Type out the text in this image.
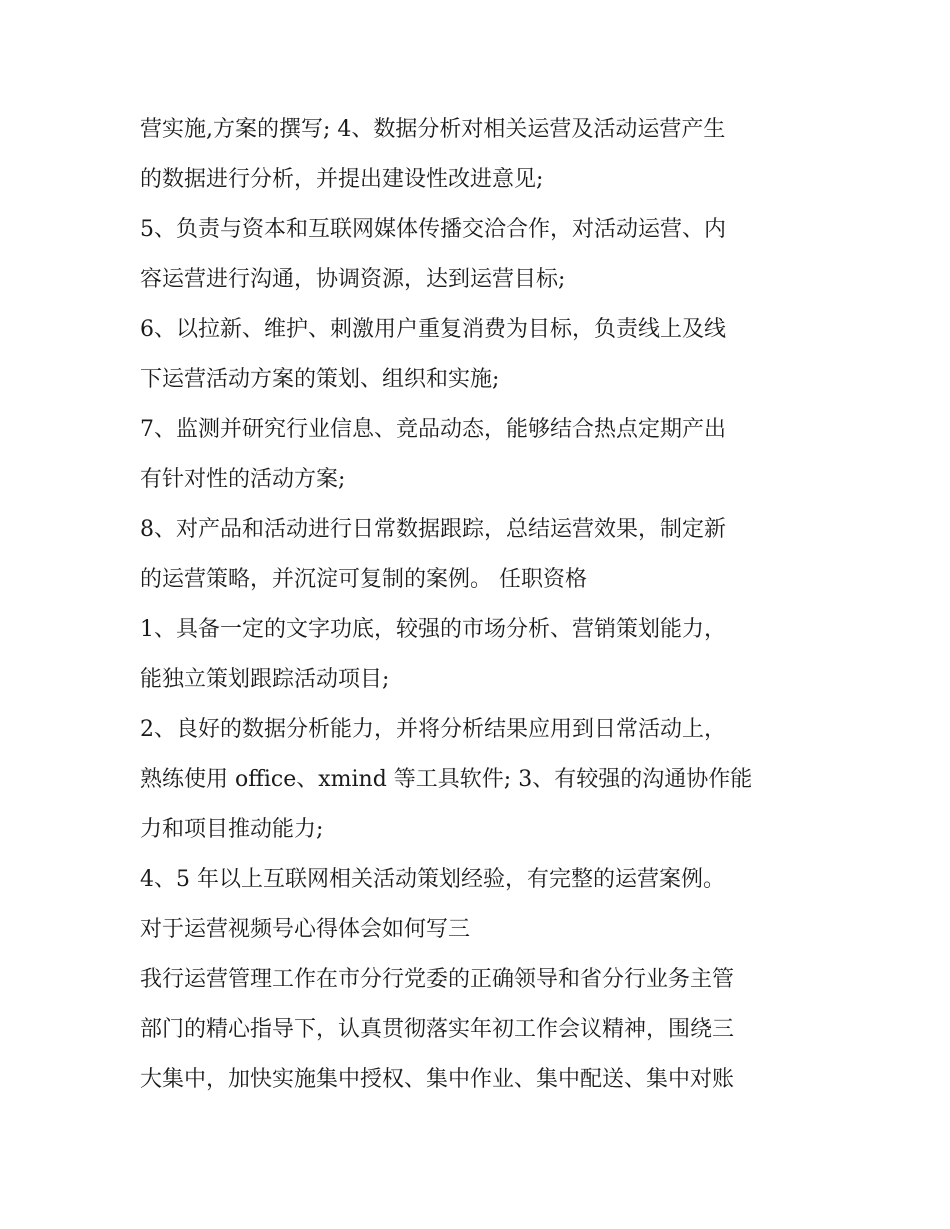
营实施,方案的撰写; 4、数据分析对相关运营及活动运营产生

的数据进行分析，并提出建设性改进意见;

5、负责与资本和互联网媒体传播交洽合作，对活动运营、内

容运营进行沟通，协调资源，达到运营目标;

6、以拉新、维护、刺激用户重复消费为目标，负责线上及线

下运营活动方案的策划、组织和实施;

7、监测并研究行业信息、竞品动态，能够结合热点定期产出

有针对性的活动方案;

8、对产品和活动进行日常数据跟踪，总结运营效果，制定新

的运营策略，并沉淀可复制的案例。 任职资格

1、具备一定的文字功底，较强的市场分析、营销策划能力，

能独立策划跟踪活动项目;

2、良好的数据分析能力，并将分析结果应用到日常活动上，

熟练使用 office、xmind 等工具软件; 3、有较强的沟通协作能

力和项目推动能力;

4、5 年以上互联网相关活动策划经验，有完整的运营案例。

对于运营视频号心得体会如何写三

我行运营管理工作在市分行党委的正确领导和省分行业务主管

部门的精心指导下，认真贯彻落实年初工作会议精神，围绕三

大集中，加快实施集中授权、集中作业、集中配送、集中对账
